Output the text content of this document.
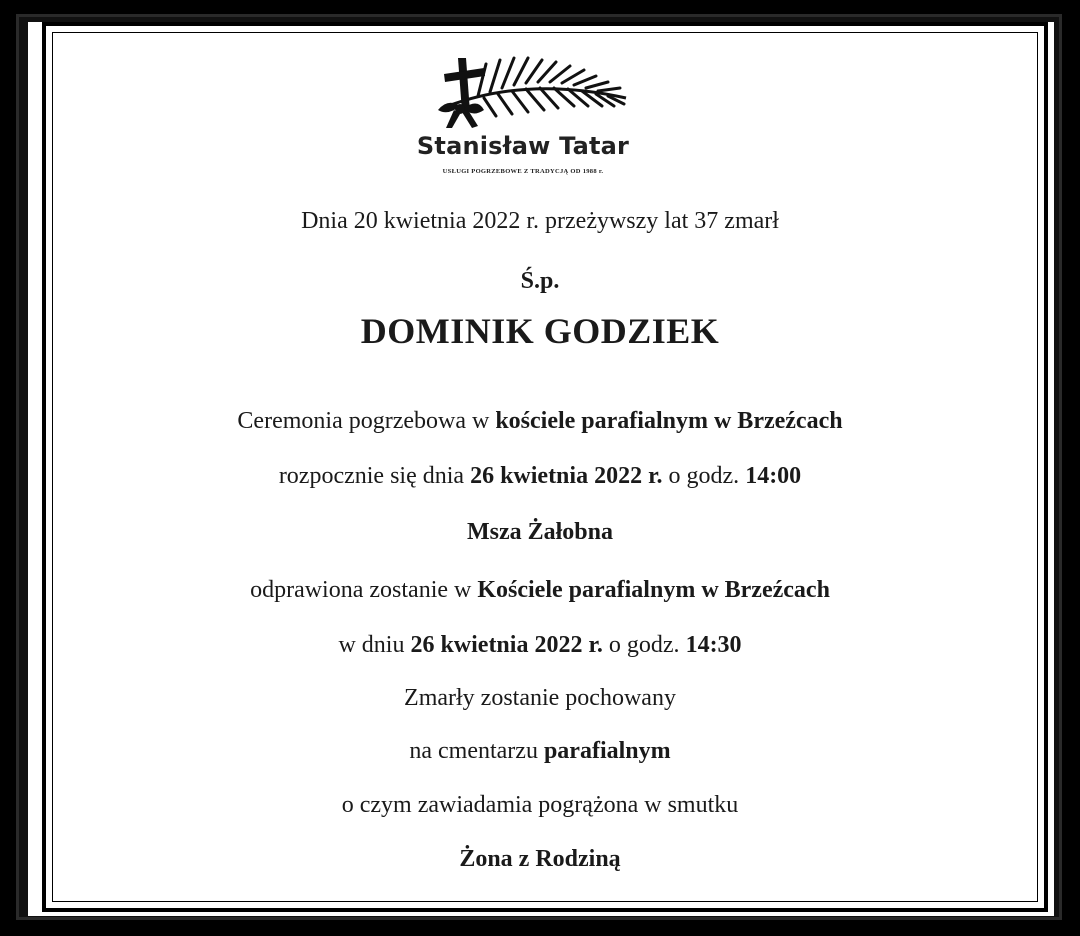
Stanisław Tatar
USŁUGI POGRZEBOWE Z TRADYCJĄ OD 1988 r.
Dnia 20 kwietnia 2022 r. przeżywszy lat 37 zmarł
Ś.p.
DOMINIK GODZIEK
Ceremonia pogrzebowa w kościele parafialnym w Brzeźcach
rozpocznie się dnia 26 kwietnia 2022 r. o godz. 14:00
Msza Żałobna
odprawiona zostanie w Kościele parafialnym w Brzeźcach
w dniu 26 kwietnia 2022 r. o godz. 14:30
Zmarły zostanie pochowany
na cmentarzu parafialnym
o czym zawiadamia pogrążona w smutku
Żona z Rodziną
